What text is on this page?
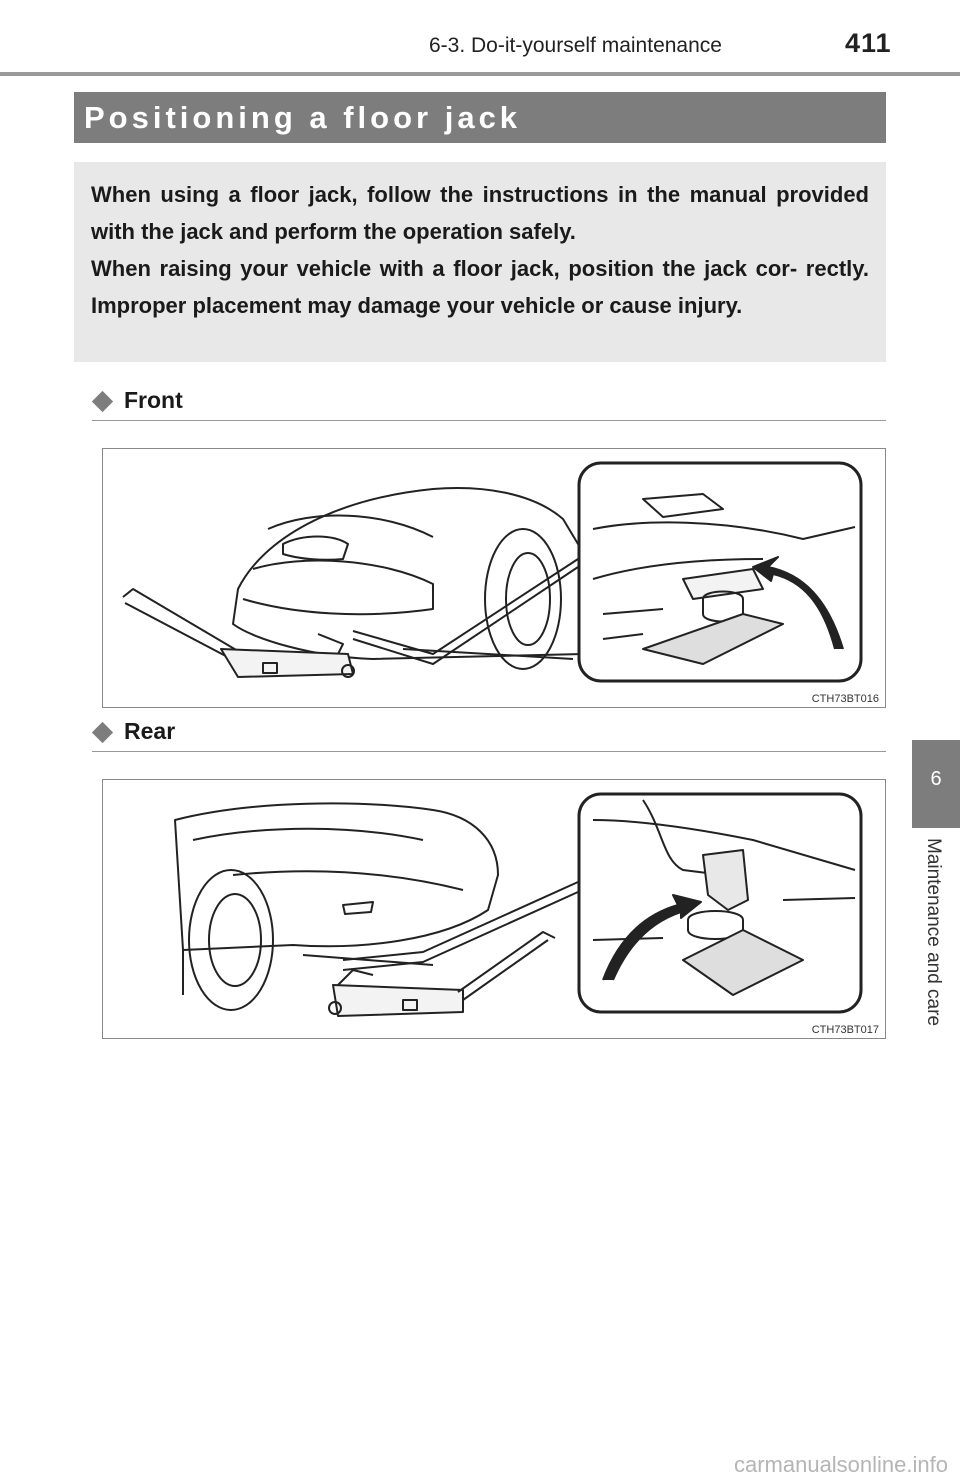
6-3. Do-it-yourself maintenance	411
6
Maintenance and care
Positioning a floor jack

When using a floor jack, follow the instructions in the manual provided with the jack and perform the operation safely.

When raising your vehicle with a floor jack, position the jack cor- rectly. Improper placement may damage your vehicle or cause injury.

Front
CTH73BT016
Rear
CTH73BT017
carmanualsonline.info
